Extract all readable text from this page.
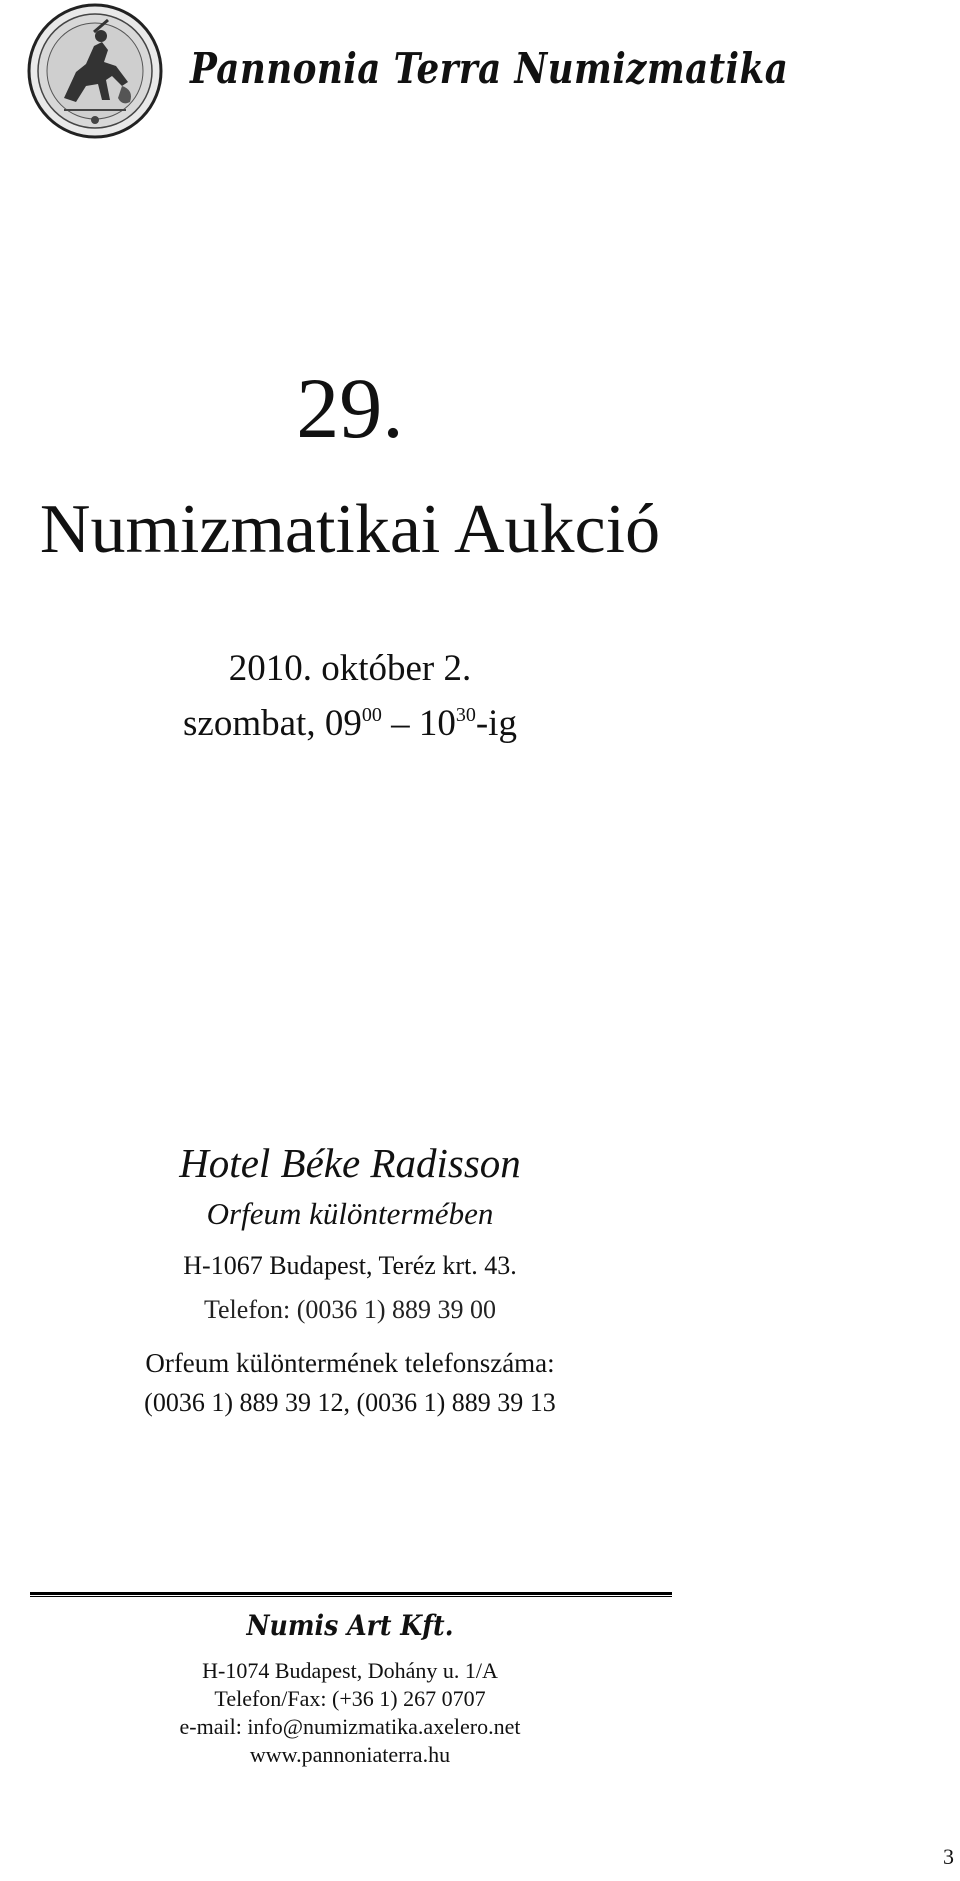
Pannonia Terra Numizmatika
29.
Numizmatikai Aukció
2010. október 2.
szombat, $09^{00} - 10^{30}-ig$
Hotel Béke Radisson
Orfeum különtermében
H-1067 Budapest, Teréz krt. 43.
Telefon: (0036 1) 889 39 00
Orfeum különtermének telefonszáma:
(0036 1) 889 39 12, (0036 1) 889 39 13
Numis Art Kft.
H-1074 Budapest, Dohány u. 1/A
Telefon/Fax: (+36 1) 267 0707
e-mail: info@numizmatika.axelero.net
www.pannoniaterra.hu
3
